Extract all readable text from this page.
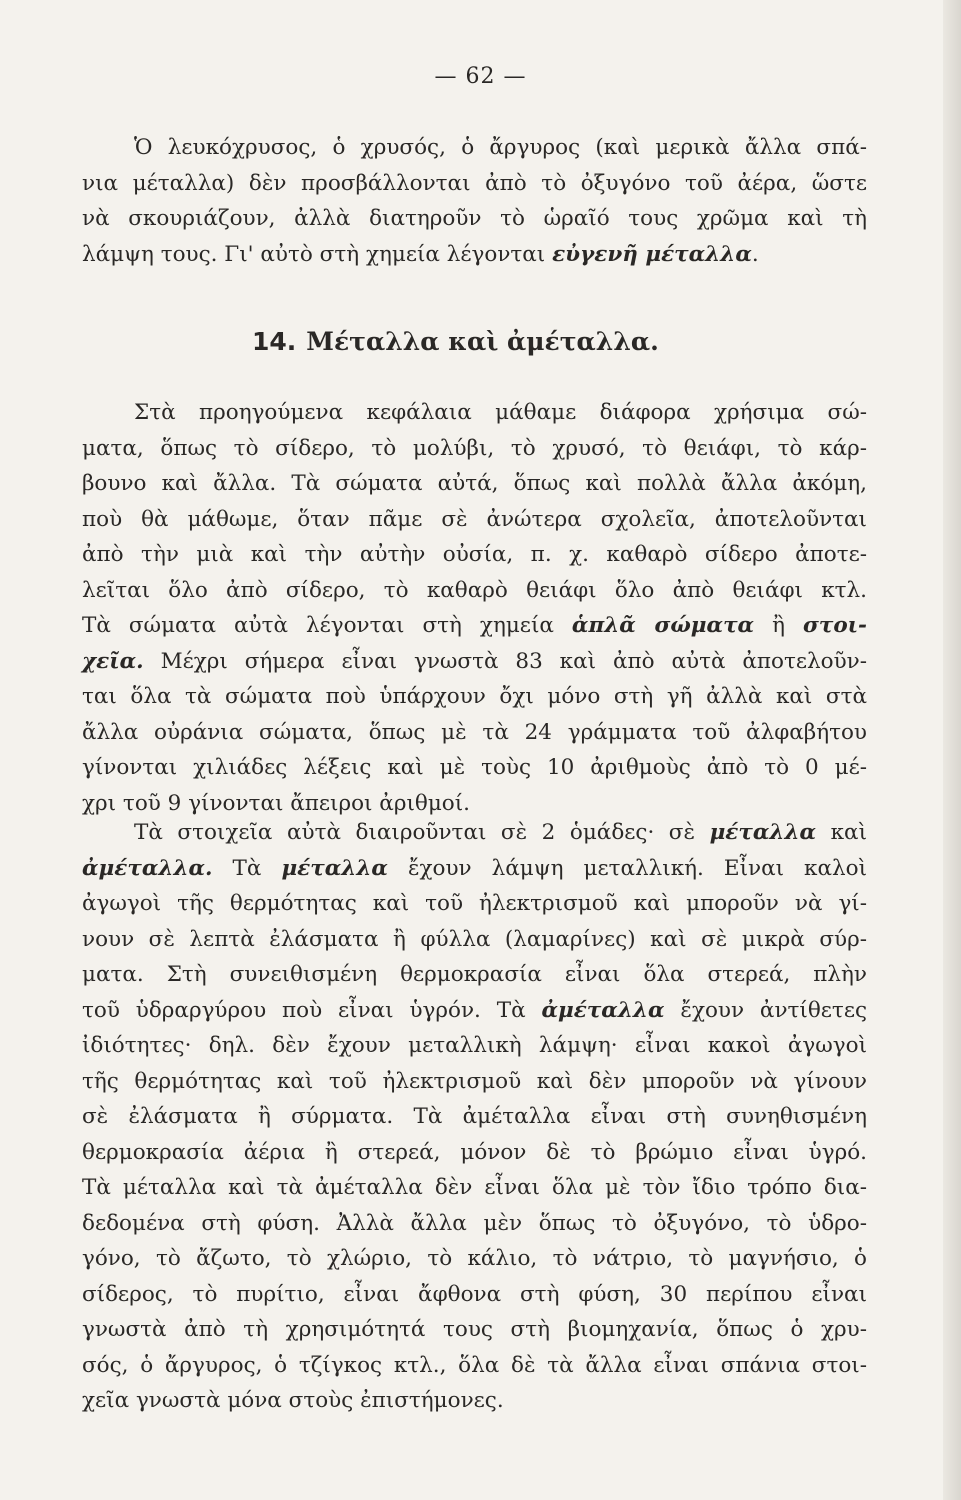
— 62 —
Ὁ λευκόχρυσος, ὁ χρυσός, ὁ ἄργυρος (καὶ μερικὰ ἄλλα σπά-
νια μέταλλα) δὲν προσβάλλονται ἀπὸ τὸ ὀξυγόνο τοῦ ἀέρα, ὥστε
νὰ σκουριάζουν, ἀλλὰ διατηροῦν τὸ ὡραῖό τους χρῶμα καὶ τὴ
λάμψη τους. Γι' αὐτὸ στὴ χημεία λέγονται εὐγενῆ μέταλλα.
14. Μέταλλα καὶ ἀμέταλλα.
Στὰ προηγούμενα κεφάλαια μάθαμε διάφορα χρήσιμα σώ-
ματα, ὅπως τὸ σίδερο, τὸ μολύβι, τὸ χρυσό, τὸ θειάφι, τὸ κάρ-
βουνο καὶ ἄλλα. Τὰ σώματα αὐτά, ὅπως καὶ πολλὰ ἄλλα ἀκόμη,
ποὺ θὰ μάθωμε, ὅταν πᾶμε σὲ ἀνώτερα σχολεῖα, ἀποτελοῦνται
ἀπὸ τὴν μιὰ καὶ τὴν αὐτὴν οὐσία, π. χ. καθαρὸ σίδερο ἀποτε-
λεῖται ὅλο ἀπὸ σίδερο, τὸ καθαρὸ θειάφι ὅλο ἀπὸ θειάφι κτλ.
Τὰ σώματα αὐτὰ λέγονται στὴ χημεία ἁπλᾶ σώματα ἢ στοι-
χεῖα. Μέχρι σήμερα εἶναι γνωστὰ 83 καὶ ἀπὸ αὐτὰ ἀποτελοῦν-
ται ὅλα τὰ σώματα ποὺ ὑπάρχουν ὄχι μόνο στὴ γῆ ἀλλὰ καὶ στὰ
ἄλλα οὐράνια σώματα, ὅπως μὲ τὰ 24 γράμματα τοῦ ἀλφαβήτου
γίνονται χιλιάδες λέξεις καὶ μὲ τοὺς 10 ἀριθμοὺς ἀπὸ τὸ 0 μέ-
χρι τοῦ 9 γίνονται ἄπειροι ἀριθμοί.
Τὰ στοιχεῖα αὐτὰ διαιροῦνται σὲ 2 ὁμάδες· σὲ μέταλλα καὶ
ἀμέταλλα. Τὰ μέταλλα ἔχουν λάμψη μεταλλική. Εἶναι καλοὶ
ἀγωγοὶ τῆς θερμότητας καὶ τοῦ ἠλεκτρισμοῦ καὶ μποροῦν νὰ γί-
νουν σὲ λεπτὰ ἐλάσματα ἢ φύλλα (λαμαρίνες) καὶ σὲ μικρὰ σύρ-
ματα. Στὴ συνειθισμένη θερμοκρασία εἶναι ὅλα στερεά, πλὴν
τοῦ ὑδραργύρου ποὺ εἶναι ὑγρόν. Τὰ ἀμέταλλα ἔχουν ἀντίθετες
ἰδιότητες· δηλ. δὲν ἔχουν μεταλλικὴ λάμψη· εἶναι κακοὶ ἀγωγοὶ
τῆς θερμότητας καὶ τοῦ ἠλεκτρισμοῦ καὶ δὲν μποροῦν νὰ γίνουν
σὲ ἐλάσματα ἢ σύρματα. Τὰ ἀμέταλλα εἶναι στὴ συνηθισμένη
θερμοκρασία ἀέρια ἢ στερεά, μόνον δὲ τὸ βρώμιο εἶναι ὑγρό.
Τὰ μέταλλα καὶ τὰ ἀμέταλλα δὲν εἶναι ὅλα μὲ τὸν ἴδιο τρόπο δια-
δεδομένα στὴ φύση. Ἀλλὰ ἄλλα μὲν ὅπως τὸ ὀξυγόνο, τὸ ὑδρο-
γόνο, τὸ ἄζωτο, τὸ χλώριο, τὸ κάλιο, τὸ νάτριο, τὸ μαγνήσιο, ὁ
σίδερος, τὸ πυρίτιο, εἶναι ἄφθονα στὴ φύση, 30 περίπου εἶναι
γνωστὰ ἀπὸ τὴ χρησιμότητά τους στὴ βιομηχανία, ὅπως ὁ χρυ-
σός, ὁ ἄργυρος, ὁ τζίγκος κτλ., ὅλα δὲ τὰ ἄλλα εἶναι σπάνια στοι-
χεῖα γνωστὰ μόνα στοὺς ἐπιστήμονες.
